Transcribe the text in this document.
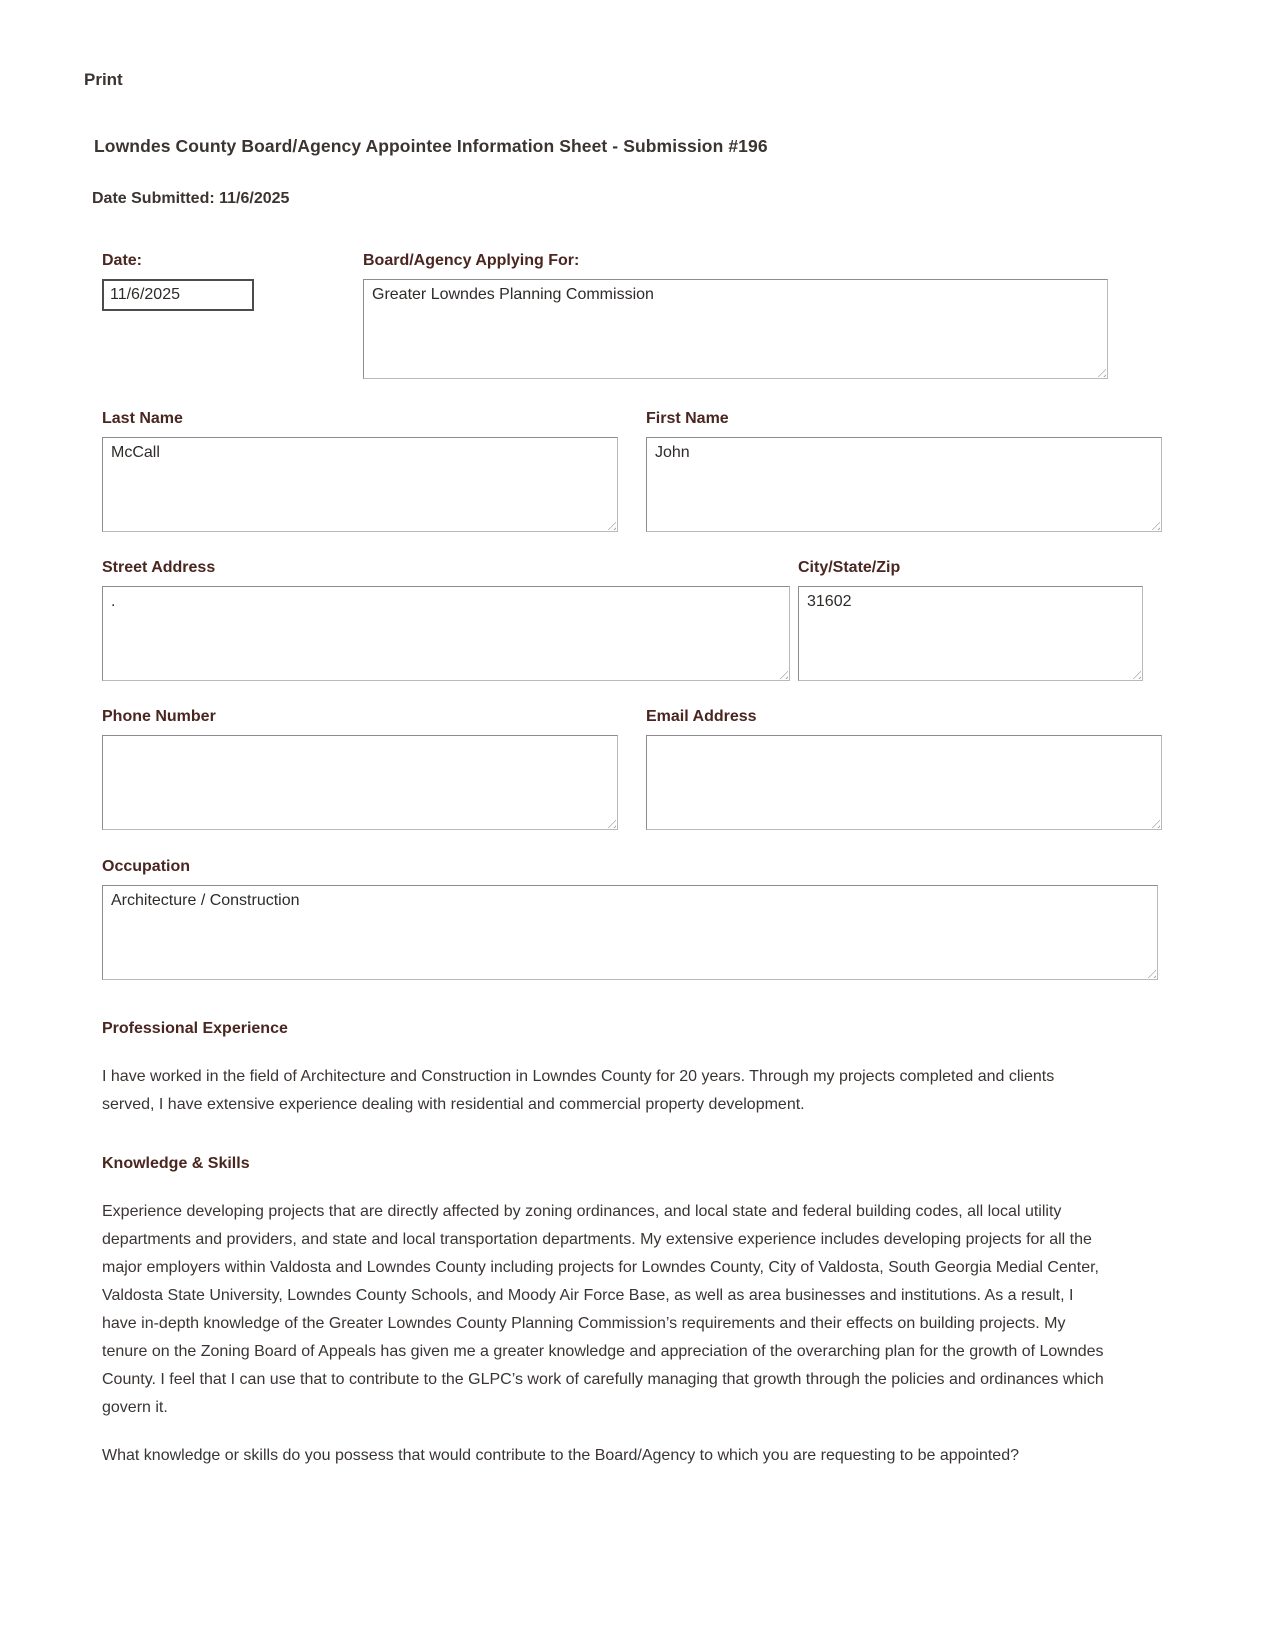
Print
Lowndes County Board/Agency Appointee Information Sheet - Submission #196
Date Submitted: 11/6/2025
Date:
11/6/2025
Board/Agency Applying For:
Greater Lowndes Planning Commission
Last Name
McCall
First Name
John
Street Address
.
City/State/Zip
31602
Phone Number	Email Address
Occupation
Architecture / Construction
Professional Experience

I have worked in the field of Architecture and Construction in Lowndes County for 20 years. Through my projects completed and clients served, I have extensive experience dealing with residential and commercial property development.

Knowledge & Skills

Experience developing projects that are directly affected by zoning ordinances, and local state and federal building codes, all local utility departments and providers, and state and local transportation departments. My extensive experience includes developing projects for all the major employers within Valdosta and Lowndes County including projects for Lowndes County, City of Valdosta, South Georgia Medial Center, Valdosta State University, Lowndes County Schools, and Moody Air Force Base, as well as area businesses and institutions. As a result, I have in-depth knowledge of the Greater Lowndes County Planning Commission’s requirements and their effects on building projects. My tenure on the Zoning Board of Appeals has given me a greater knowledge and appreciation of the overarching plan for the growth of Lowndes County. I feel that I can use that to contribute to the GLPC’s work of carefully managing that growth through the policies and ordinances which govern it.

What knowledge or skills do you possess that would contribute to the Board/Agency to which you are requesting to be appointed?
